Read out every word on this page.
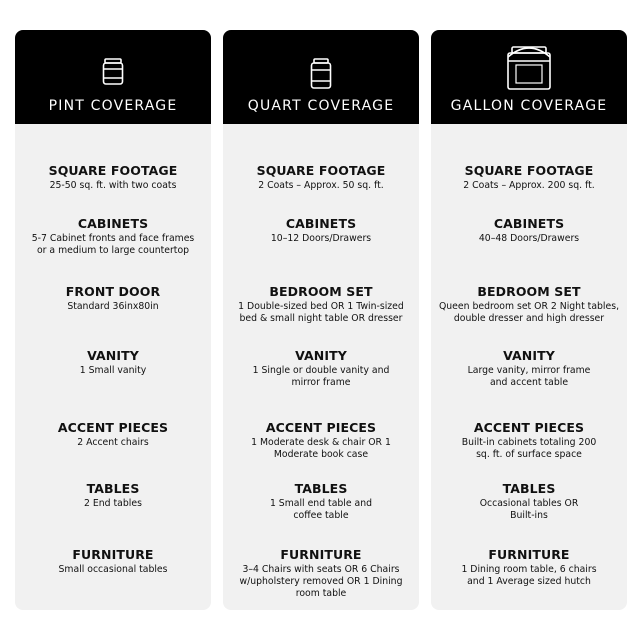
PINT COVERAGE
SQUARE FOOTAGE
25-50 sq. ft. with two coats
CABINETS
5-7 Cabinet fronts and face frames
or a medium to large countertop
FRONT DOOR
Standard 36inx80in
VANITY
1 Small vanity
ACCENT PIECES
2 Accent chairs
TABLES
2 End tables
FURNITURE
Small occasional tables
QUART COVERAGE
SQUARE FOOTAGE
2 Coats – Approx. 50 sq. ft.
CABINETS
10–12 Doors/Drawers
BEDROOM SET
1 Double-sized bed OR 1 Twin-sized
bed & small night table OR dresser
VANITY
1 Single or double vanity and
mirror frame
ACCENT PIECES
1 Moderate desk & chair OR 1
Moderate book case
TABLES
1 Small end table and
coffee table
FURNITURE
3–4 Chairs with seats OR 6 Chairs
w/upholstery removed OR 1 Dining
room table
GALLON COVERAGE
SQUARE FOOTAGE
2 Coats – Approx. 200 sq. ft.
CABINETS
40–48 Doors/Drawers
BEDROOM SET
Queen bedroom set OR 2 Night tables,
double dresser and high dresser
VANITY
Large vanity, mirror frame
and accent table
ACCENT PIECES
Built-in cabinets totaling 200
sq. ft. of surface space
TABLES
Occasional tables OR
Built-ins
FURNITURE
1 Dining room table, 6 chairs
and 1 Average sized hutch
